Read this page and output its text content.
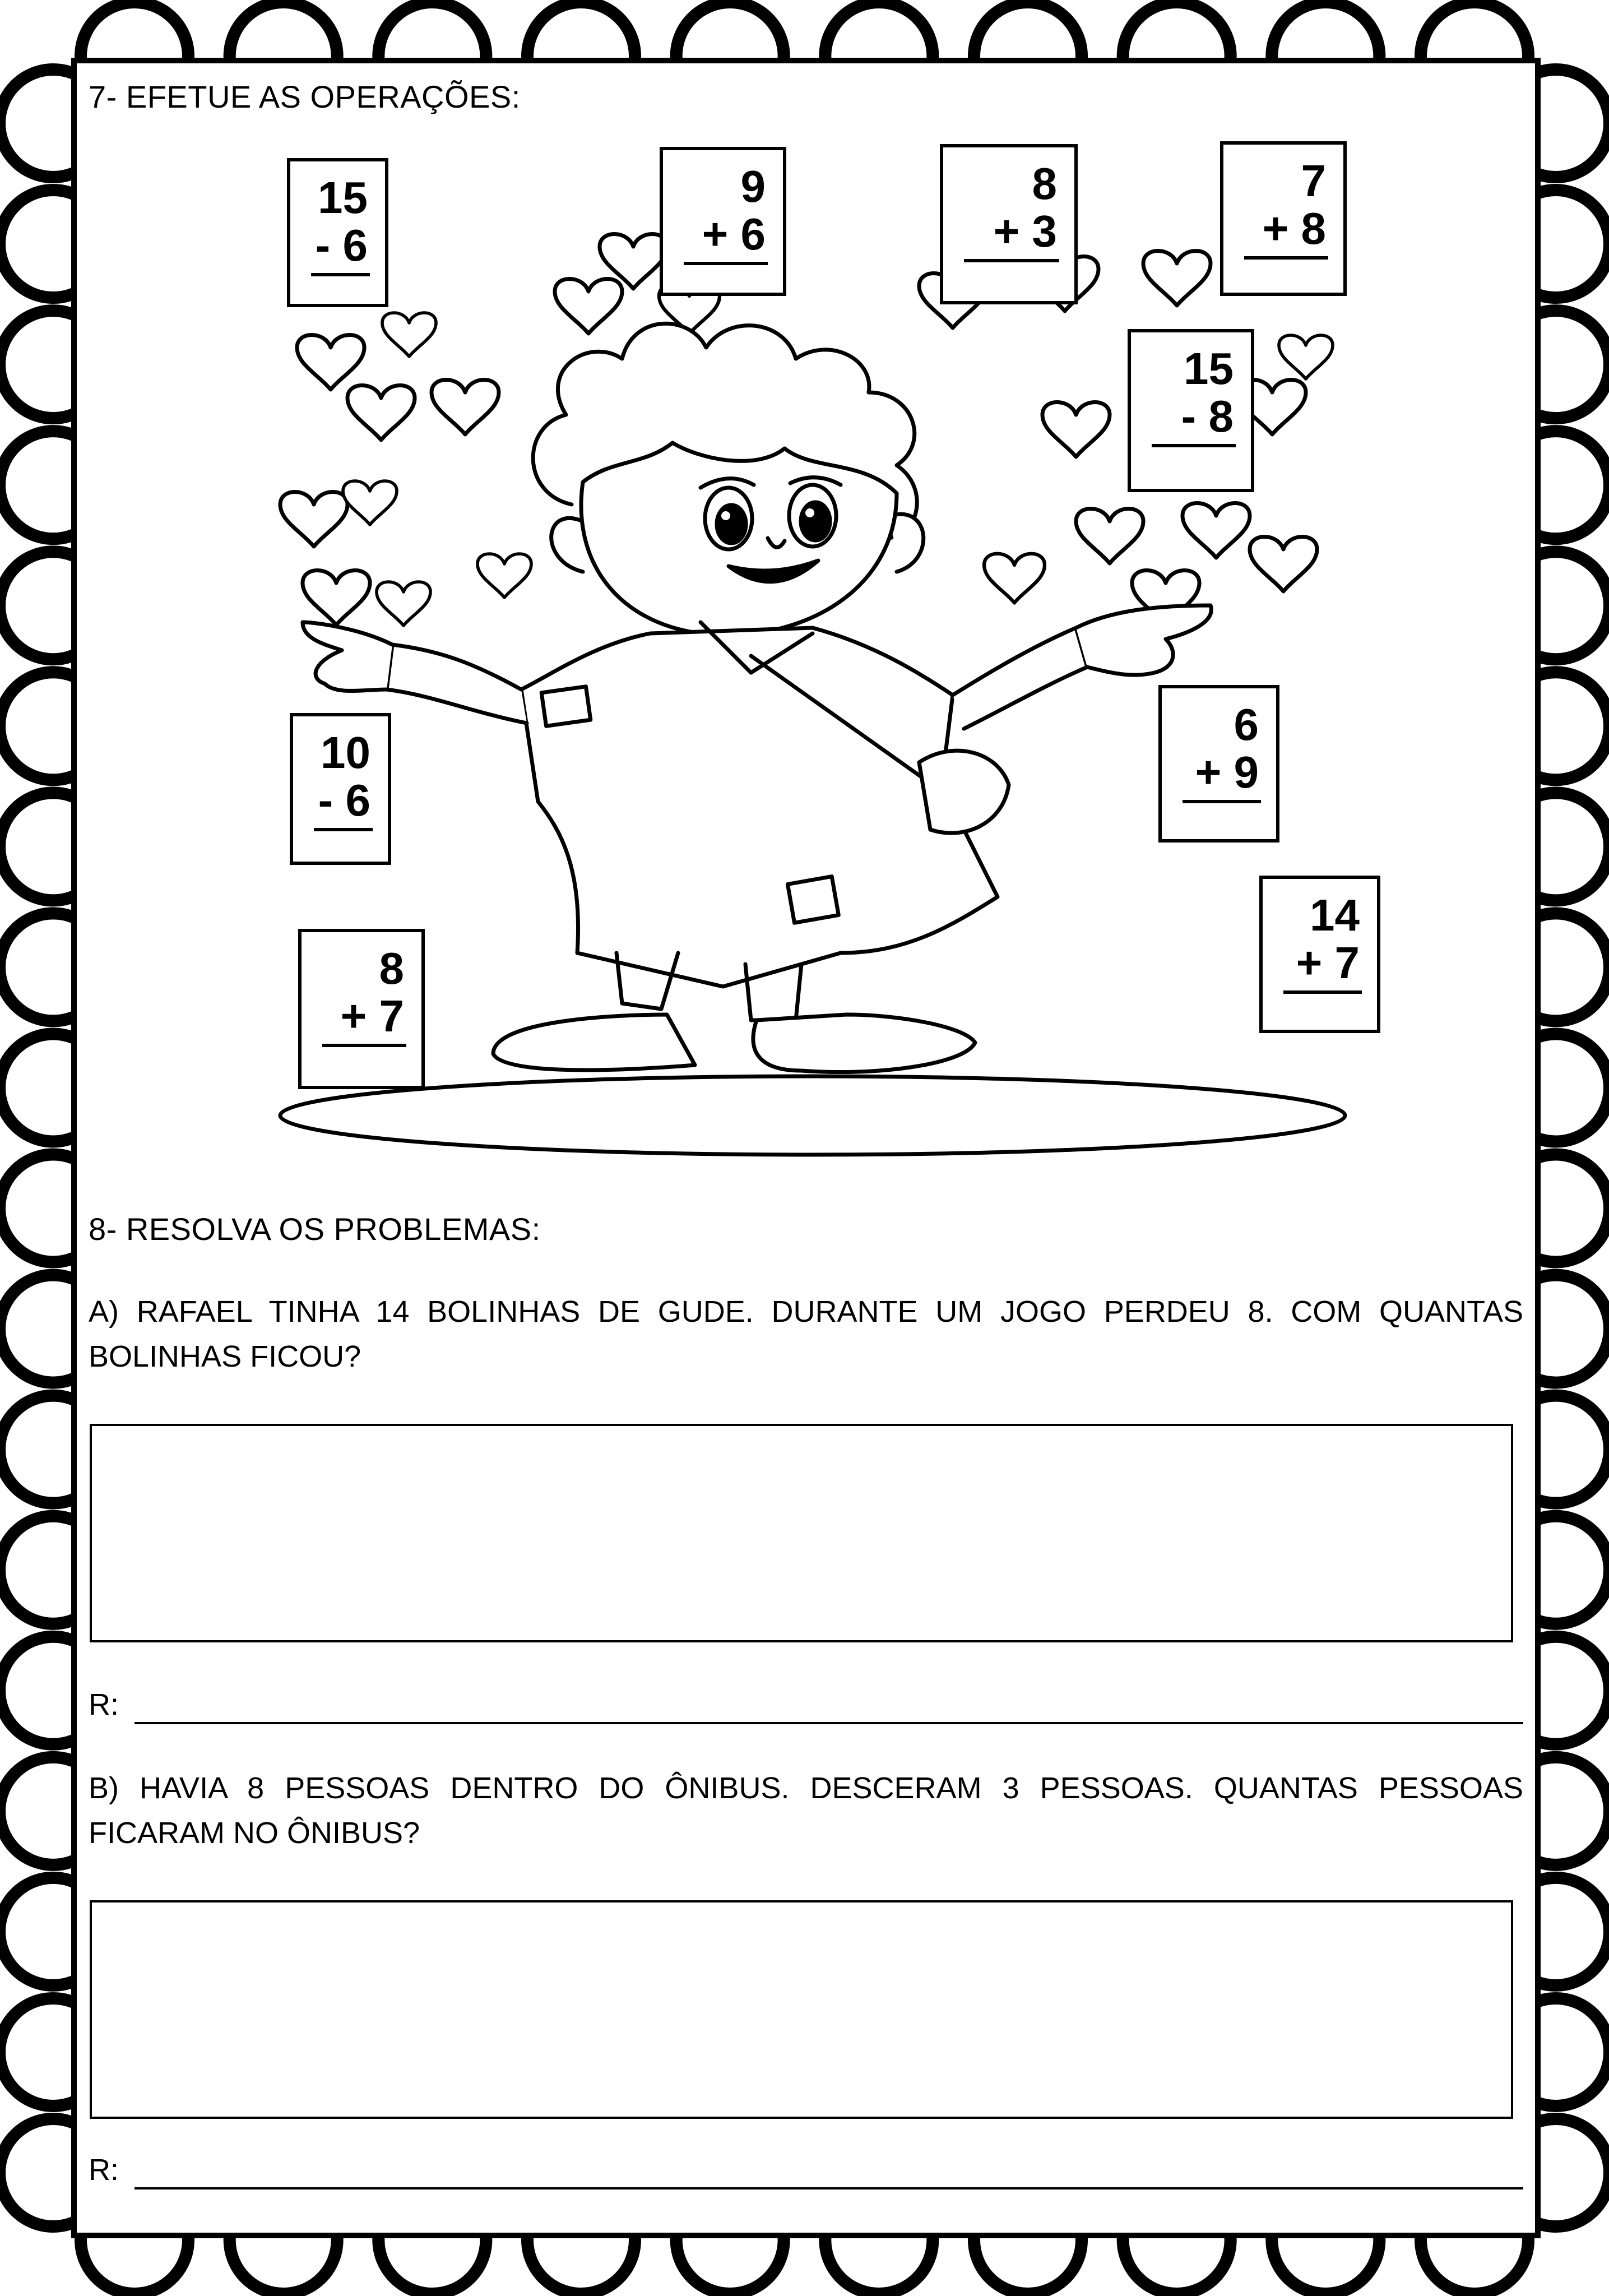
15
- 6
9
+ 6
8
+ 3
7
+ 8
15
- 8
10
- 6
6
+ 9
14
+ 7
8
+ 7
7- EFETUE AS OPERAÇÕES:
8- RESOLVA OS PROBLEMAS:

A) RAFAEL TINHA 14 BOLINHAS DE GUDE. DURANTE UM JOGO PERDEU 8. COM QUANTAS BOLINHAS FICOU?

R:

B) HAVIA 8 PESSOAS DENTRO DO ÔNIBUS. DESCERAM 3 PESSOAS. QUANTAS PESSOAS FICARAM NO ÔNIBUS?

R:
